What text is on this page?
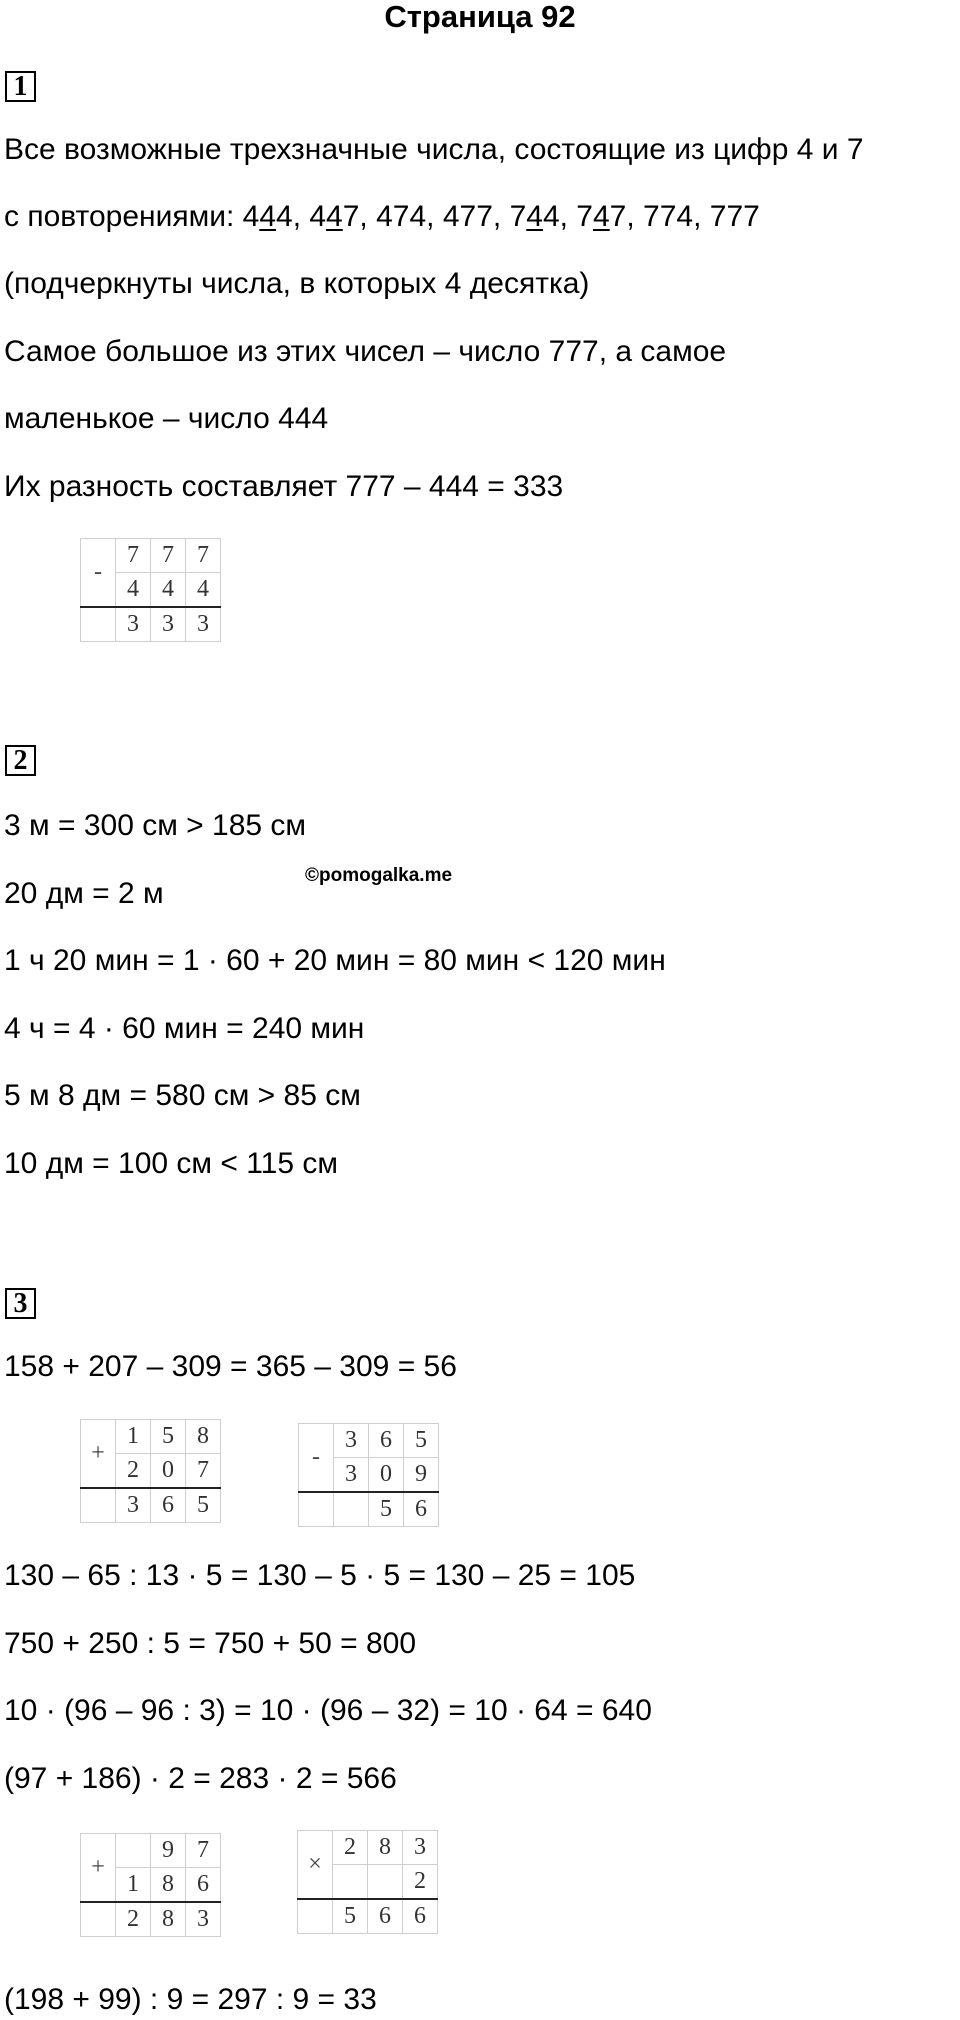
Страница 92
1
Все возможные трехзначные числа, состоящие из цифр 4 и 7
с повторениями: 444, 447, 474, 477, 744, 747, 774, 777
(подчеркнуты числа, в которых 4 десятка)
Самое большое из этих чисел – число 777, а самое
маленькое – число 444
Их разность составляет 777 – 444 = 333
-	7	7	7
	4	4	4
	3	3	3
2
3 м = 300 см > 185 см
©pomogalka.me
20 дм = 2 м
1 ч 20 мин = 1 · 60 + 20 мин = 80 мин < 120 мин
4 ч = 4 · 60 мин = 240 мин
5 м 8 дм = 580 см > 85 см
10 дм = 100 см < 115 см
3
158 + 207 – 309 = 365 – 309 = 56
+	1	5	8
	2	0	7
	3	6	5
-	3	6	5
	3	0	9
		5	6
130 – 65 : 13 · 5 = 130 – 5 · 5 = 130 – 25 = 105
750 + 250 : 5 = 750 + 50 = 800
10 · (96 – 96 : 3) = 10 · (96 – 32) = 10 · 64 = 640
(97 + 186) · 2 = 283 · 2 = 566
+		9	7
	1	8	6
	2	8	3
×	2	8	3
			2
	5	6	6
(198 + 99) : 9 = 297 : 9 = 33
